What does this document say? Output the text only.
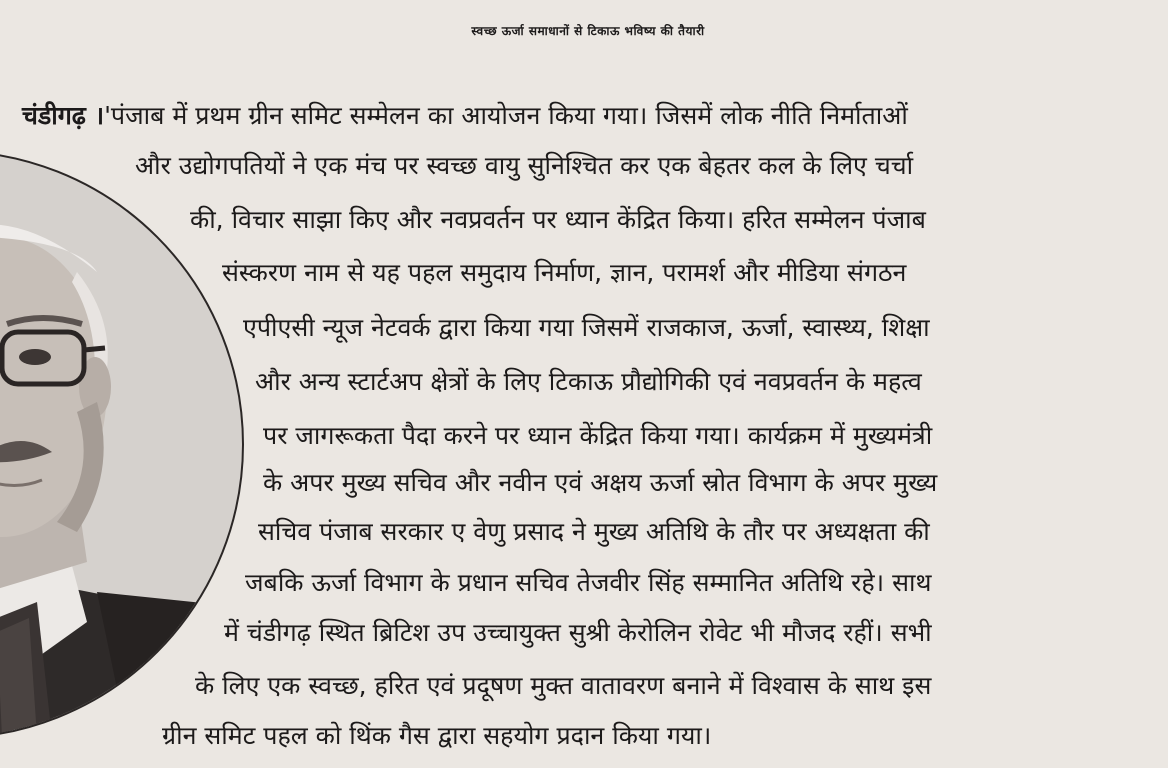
स्वच्छ ऊर्जा समाधानों से टिकाऊ भविष्य की तैयारी
चंडीगढ़ ।'पंजाब में प्रथम ग्रीन समिट सम्मेलन का आयोजन किया गया। जिसमें लोक नीति निर्माताओं
और उद्योगपतियों ने एक मंच पर स्वच्छ वायु सुनिश्चित कर एक बेहतर कल के लिए चर्चा
की, विचार साझा किए और नवप्रवर्तन पर ध्यान केंद्रित किया। हरित सम्मेलन पंजाब
संस्करण नाम से यह पहल समुदाय निर्माण, ज्ञान, परामर्श और मीडिया संगठन
एपीएसी न्यूज नेटवर्क द्वारा किया गया जिसमें राजकाज, ऊर्जा, स्वास्थ्य, शिक्षा
और अन्य स्टार्टअप क्षेत्रों के लिए टिकाऊ प्रौद्योगिकी एवं नवप्रवर्तन के महत्व
पर जागरूकता पैदा करने पर ध्यान केंद्रित किया गया। कार्यक्रम में मुख्यमंत्री
के अपर मुख्य सचिव और नवीन एवं अक्षय ऊर्जा स्रोत विभाग के अपर मुख्य
सचिव पंजाब सरकार ए वेणु प्रसाद ने मुख्य अतिथि के तौर पर अध्यक्षता की
जबकि ऊर्जा विभाग के प्रधान सचिव तेजवीर सिंह सम्मानित अतिथि रहे। साथ
में चंडीगढ़ स्थित ब्रिटिश उप उच्चायुक्त सुश्री केरोलिन रोवेट भी मौजद रहीं। सभी
के लिए एक स्वच्छ, हरित एवं प्रदूषण मुक्त वातावरण बनाने में विश्वास के साथ इस
ग्रीन समिट पहल को थिंक गैस द्वारा सहयोग प्रदान किया गया।
